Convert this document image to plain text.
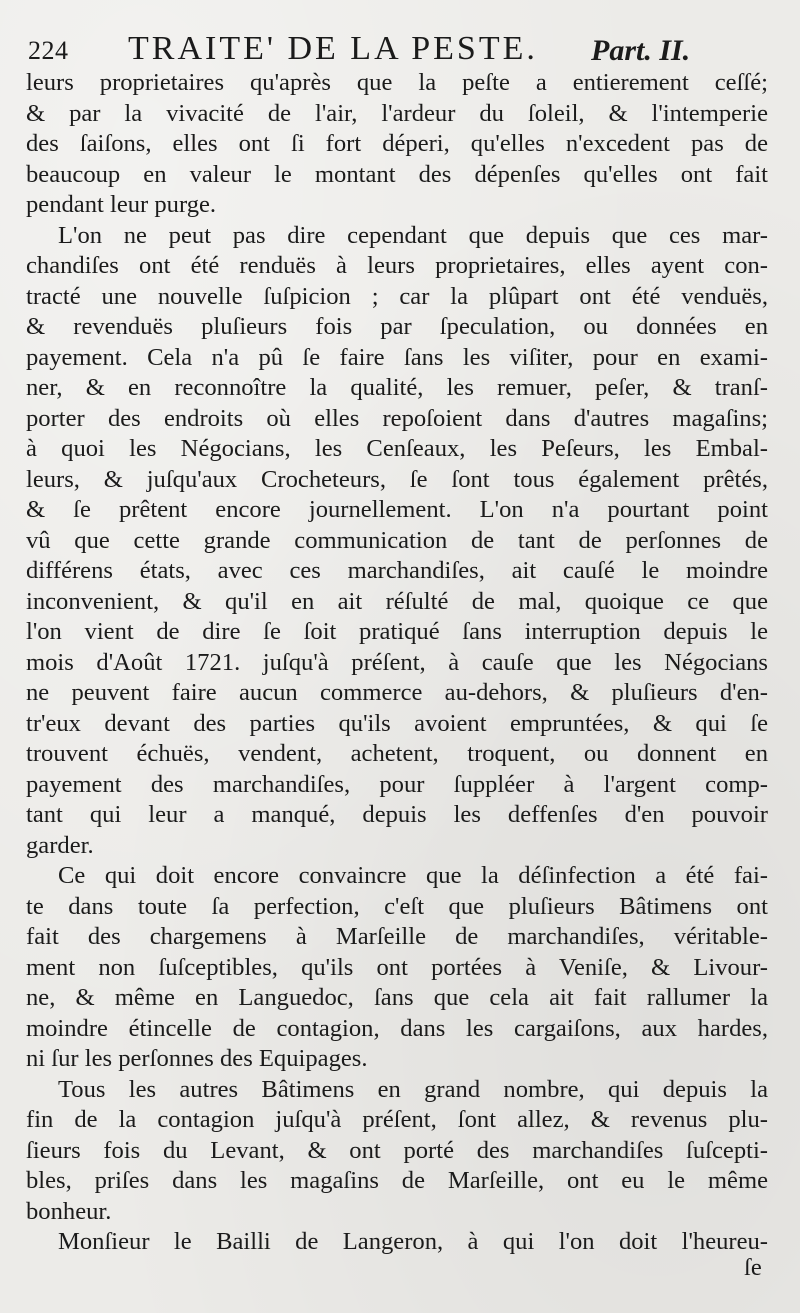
224 TRAITE' DE LA PESTE. Part. II.
leurs proprietaires qu'après que la peſte a entierement ceſſé;
& par la vivacité de l'air, l'ardeur du ſoleil, & l'intemperie
des ſaiſons, elles ont ſi fort déperi, qu'elles n'excedent pas de
beaucoup en valeur le montant des dépenſes qu'elles ont fait
pendant leur purge.
L'on ne peut pas dire cependant que depuis que ces mar-
chandiſes ont été renduës à leurs proprietaires, elles ayent con-
tracté une nouvelle ſuſpicion ; car la plûpart ont été venduës,
& revenduës pluſieurs fois par ſpeculation, ou données en
payement. Cela n'a pû ſe faire ſans les viſiter, pour en exami-
ner, & en reconnoître la qualité, les remuer, peſer, & tranſ-
porter des endroits où elles repoſoient dans d'autres magaſins;
à quoi les Négocians, les Cenſeaux, les Peſeurs, les Embal-
leurs, & juſqu'aux Crocheteurs, ſe ſont tous également prêtés,
& ſe prêtent encore journellement. L'on n'a pourtant point
vû que cette grande communication de tant de perſonnes de
différens états, avec ces marchandiſes, ait cauſé le moindre
inconvenient, & qu'il en ait réſulté de mal, quoique ce que
l'on vient de dire ſe ſoit pratiqué ſans interruption depuis le
mois d'Août 1721. juſqu'à préſent, à cauſe que les Négocians
ne peuvent faire aucun commerce au-dehors, & pluſieurs d'en-
tr'eux devant des parties qu'ils avoient empruntées, & qui ſe
trouvent échuës, vendent, achetent, troquent, ou donnent en
payement des marchandiſes, pour ſuppléer à l'argent comp-
tant qui leur a manqué, depuis les deffenſes d'en pouvoir
garder.
Ce qui doit encore convaincre que la déſinfection a été fai-
te dans toute ſa perfection, c'eſt que pluſieurs Bâtimens ont
fait des chargemens à Marſeille de marchandiſes, véritable-
ment non ſuſceptibles, qu'ils ont portées à Veniſe, & Livour-
ne, & même en Languedoc, ſans que cela ait fait rallumer la
moindre étincelle de contagion, dans les cargaiſons, aux hardes,
ni ſur les perſonnes des Equipages.
Tous les autres Bâtimens en grand nombre, qui depuis la
fin de la contagion juſqu'à préſent, ſont allez, & revenus plu-
ſieurs fois du Levant, & ont porté des marchandiſes ſuſcepti-
bles, priſes dans les magaſins de Marſeille, ont eu le même
bonheur.
Monſieur le Bailli de Langeron, à qui l'on doit l'heureu-
ſe
